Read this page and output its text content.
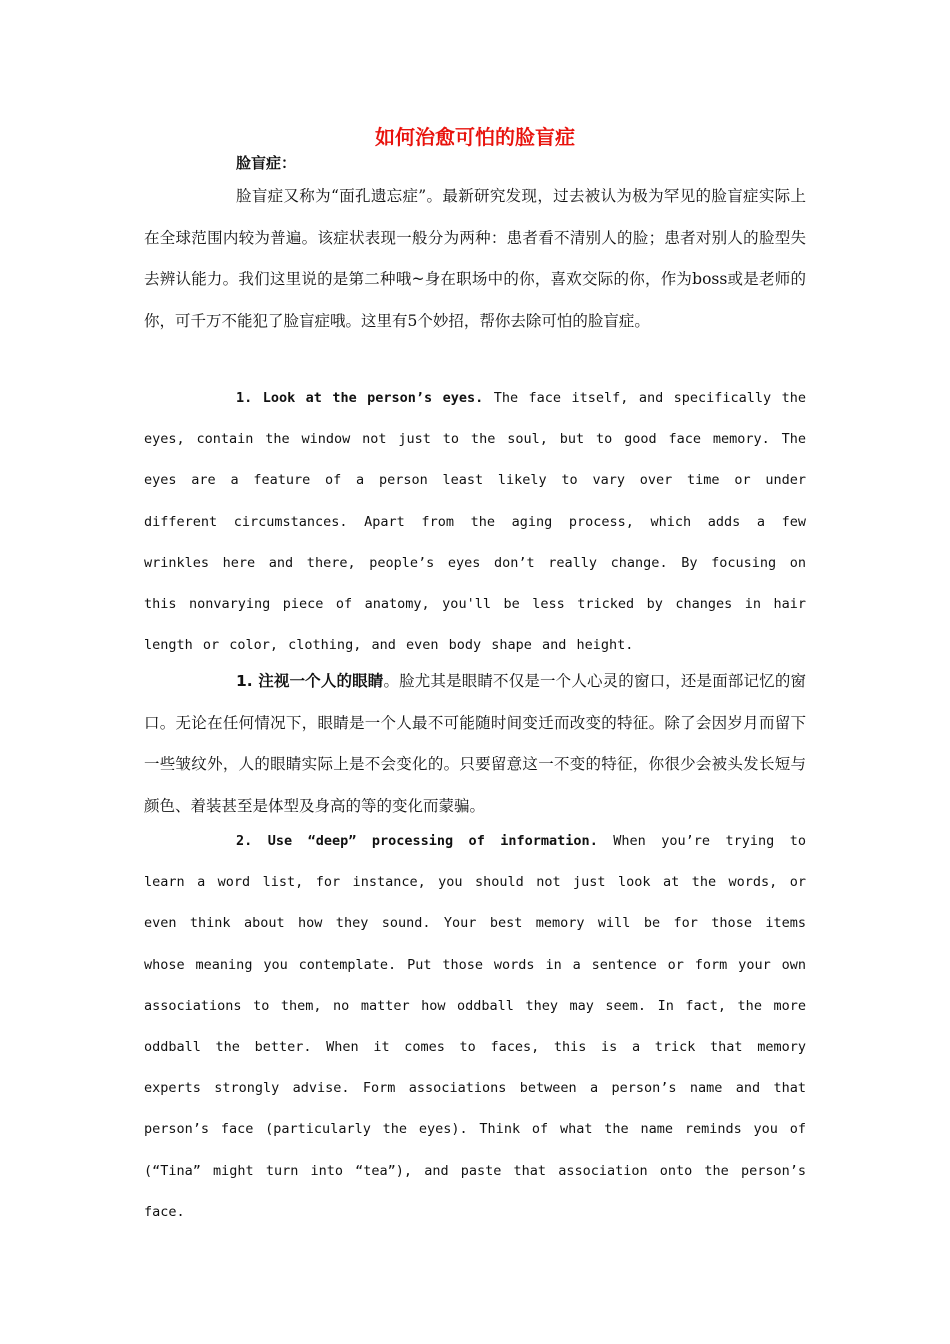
如何治愈可怕的脸盲症
脸盲症：

脸盲症又称为“面孔遗忘症”。最新研究发现，过去被认为极为罕见的脸盲症实际上在全球范围内较为普遍。该症状表现一般分为两种：患者看不清别人的脸；患者对别人的脸型失去辨认能力。我们这里说的是第二种哦~身在职场中的你，喜欢交际的你，作为boss或是老师的你，可千万不能犯了脸盲症哦。这里有5个妙招，帮你去除可怕的脸盲症。

1. Look at the person’s eyes. The face itself, and specifically the eyes, contain the window not just to the soul, but to good face memory. The eyes are a feature of a person least likely to vary over time or under different circumstances. Apart from the aging process, which adds a few wrinkles here and there, people’s eyes don’t really change. By focusing on this nonvarying piece of anatomy, you'll be less tricked by changes in hair length or color, clothing, and even body shape and height.

1. 注视一个人的眼睛。脸尤其是眼睛不仅是一个人心灵的窗口，还是面部记忆的窗口。无论在任何情况下，眼睛是一个人最不可能随时间变迁而改变的特征。除了会因岁月而留下一些皱纹外，人的眼睛实际上是不会变化的。只要留意这一不变的特征，你很少会被头发长短与颜色、着装甚至是体型及身高的等的变化而蒙骗。

2. Use “deep” processing of information. When you’re trying to learn a word list, for instance, you should not just look at the words, or even think about how they sound. Your best memory will be for those items whose meaning you contemplate. Put those words in a sentence or form your own associations to them, no matter how oddball they may seem. In fact, the more oddball the better. When it comes to faces, this is a trick that memory experts strongly advise. Form associations between a person’s name and that person’s face (particularly the eyes). Think of what the name reminds you of (“Tina” might turn into “tea”), and paste that association onto the person’s face.
